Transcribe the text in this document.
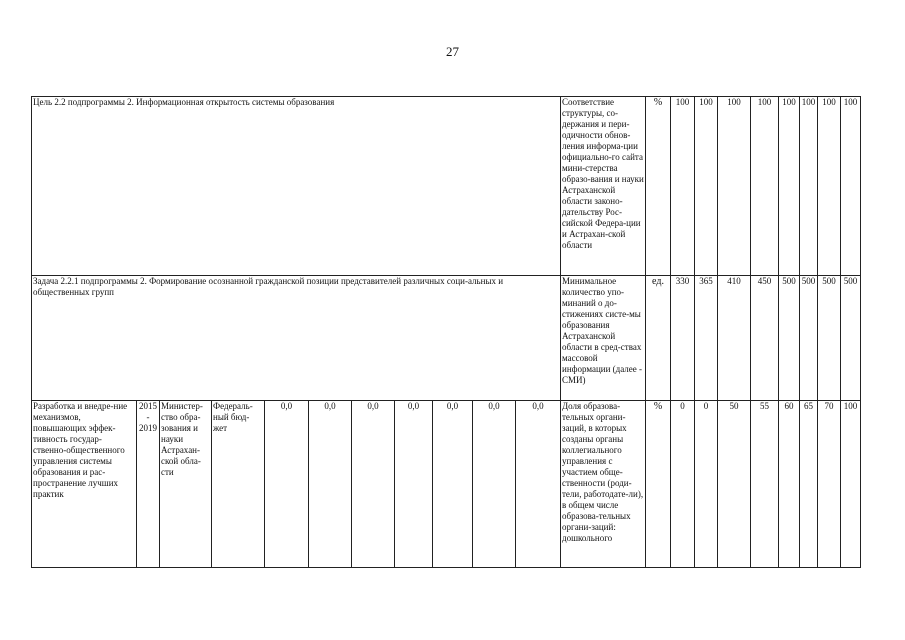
27
Цель 2.2 подпрограммы 2. Информационная открытость системы образования											Соответствие структуры, со-держания и пери-одичности обнов-ления информа-ции официально-го сайта мини-стерства образо-вания и науки Астраханской области законо-дательству Рос-сийской Федера-ции и Астрахан-ской области	%	100	100	100	100	100	100	100	100
Задача 2.2.1 подпрограммы 2. Формирование осознанной гражданской позиции представителей различных соци-альных и общественных групп											Минимальное количество упо-минаний о до-стижениях систе-мы образования Астраханской области в сред-ствах массовой информации (далее - СМИ)	ед.	330	365	410	450	500	500	500	500
Разработка и внедре-ние механизмов, повышающих эффек-тивность государ-ственно-общественного управления системы образования и рас-пространение лучших практик	2015 - 2019	Министер-ство обра-зования и науки Астрахан-ской обла-сти	Федераль-ный бюд-жет	0,0	0,0	0,0	0,0	0,0	0,0	0,0	Доля образова-тельных органи-заций, в которых созданы органы коллегиального управления с участием обще-ственности (роди-тели, работодате-ли), в общем числе образова-тельных органи-заций: дошкольного	%	0	0	50	55	60	65	70	100
